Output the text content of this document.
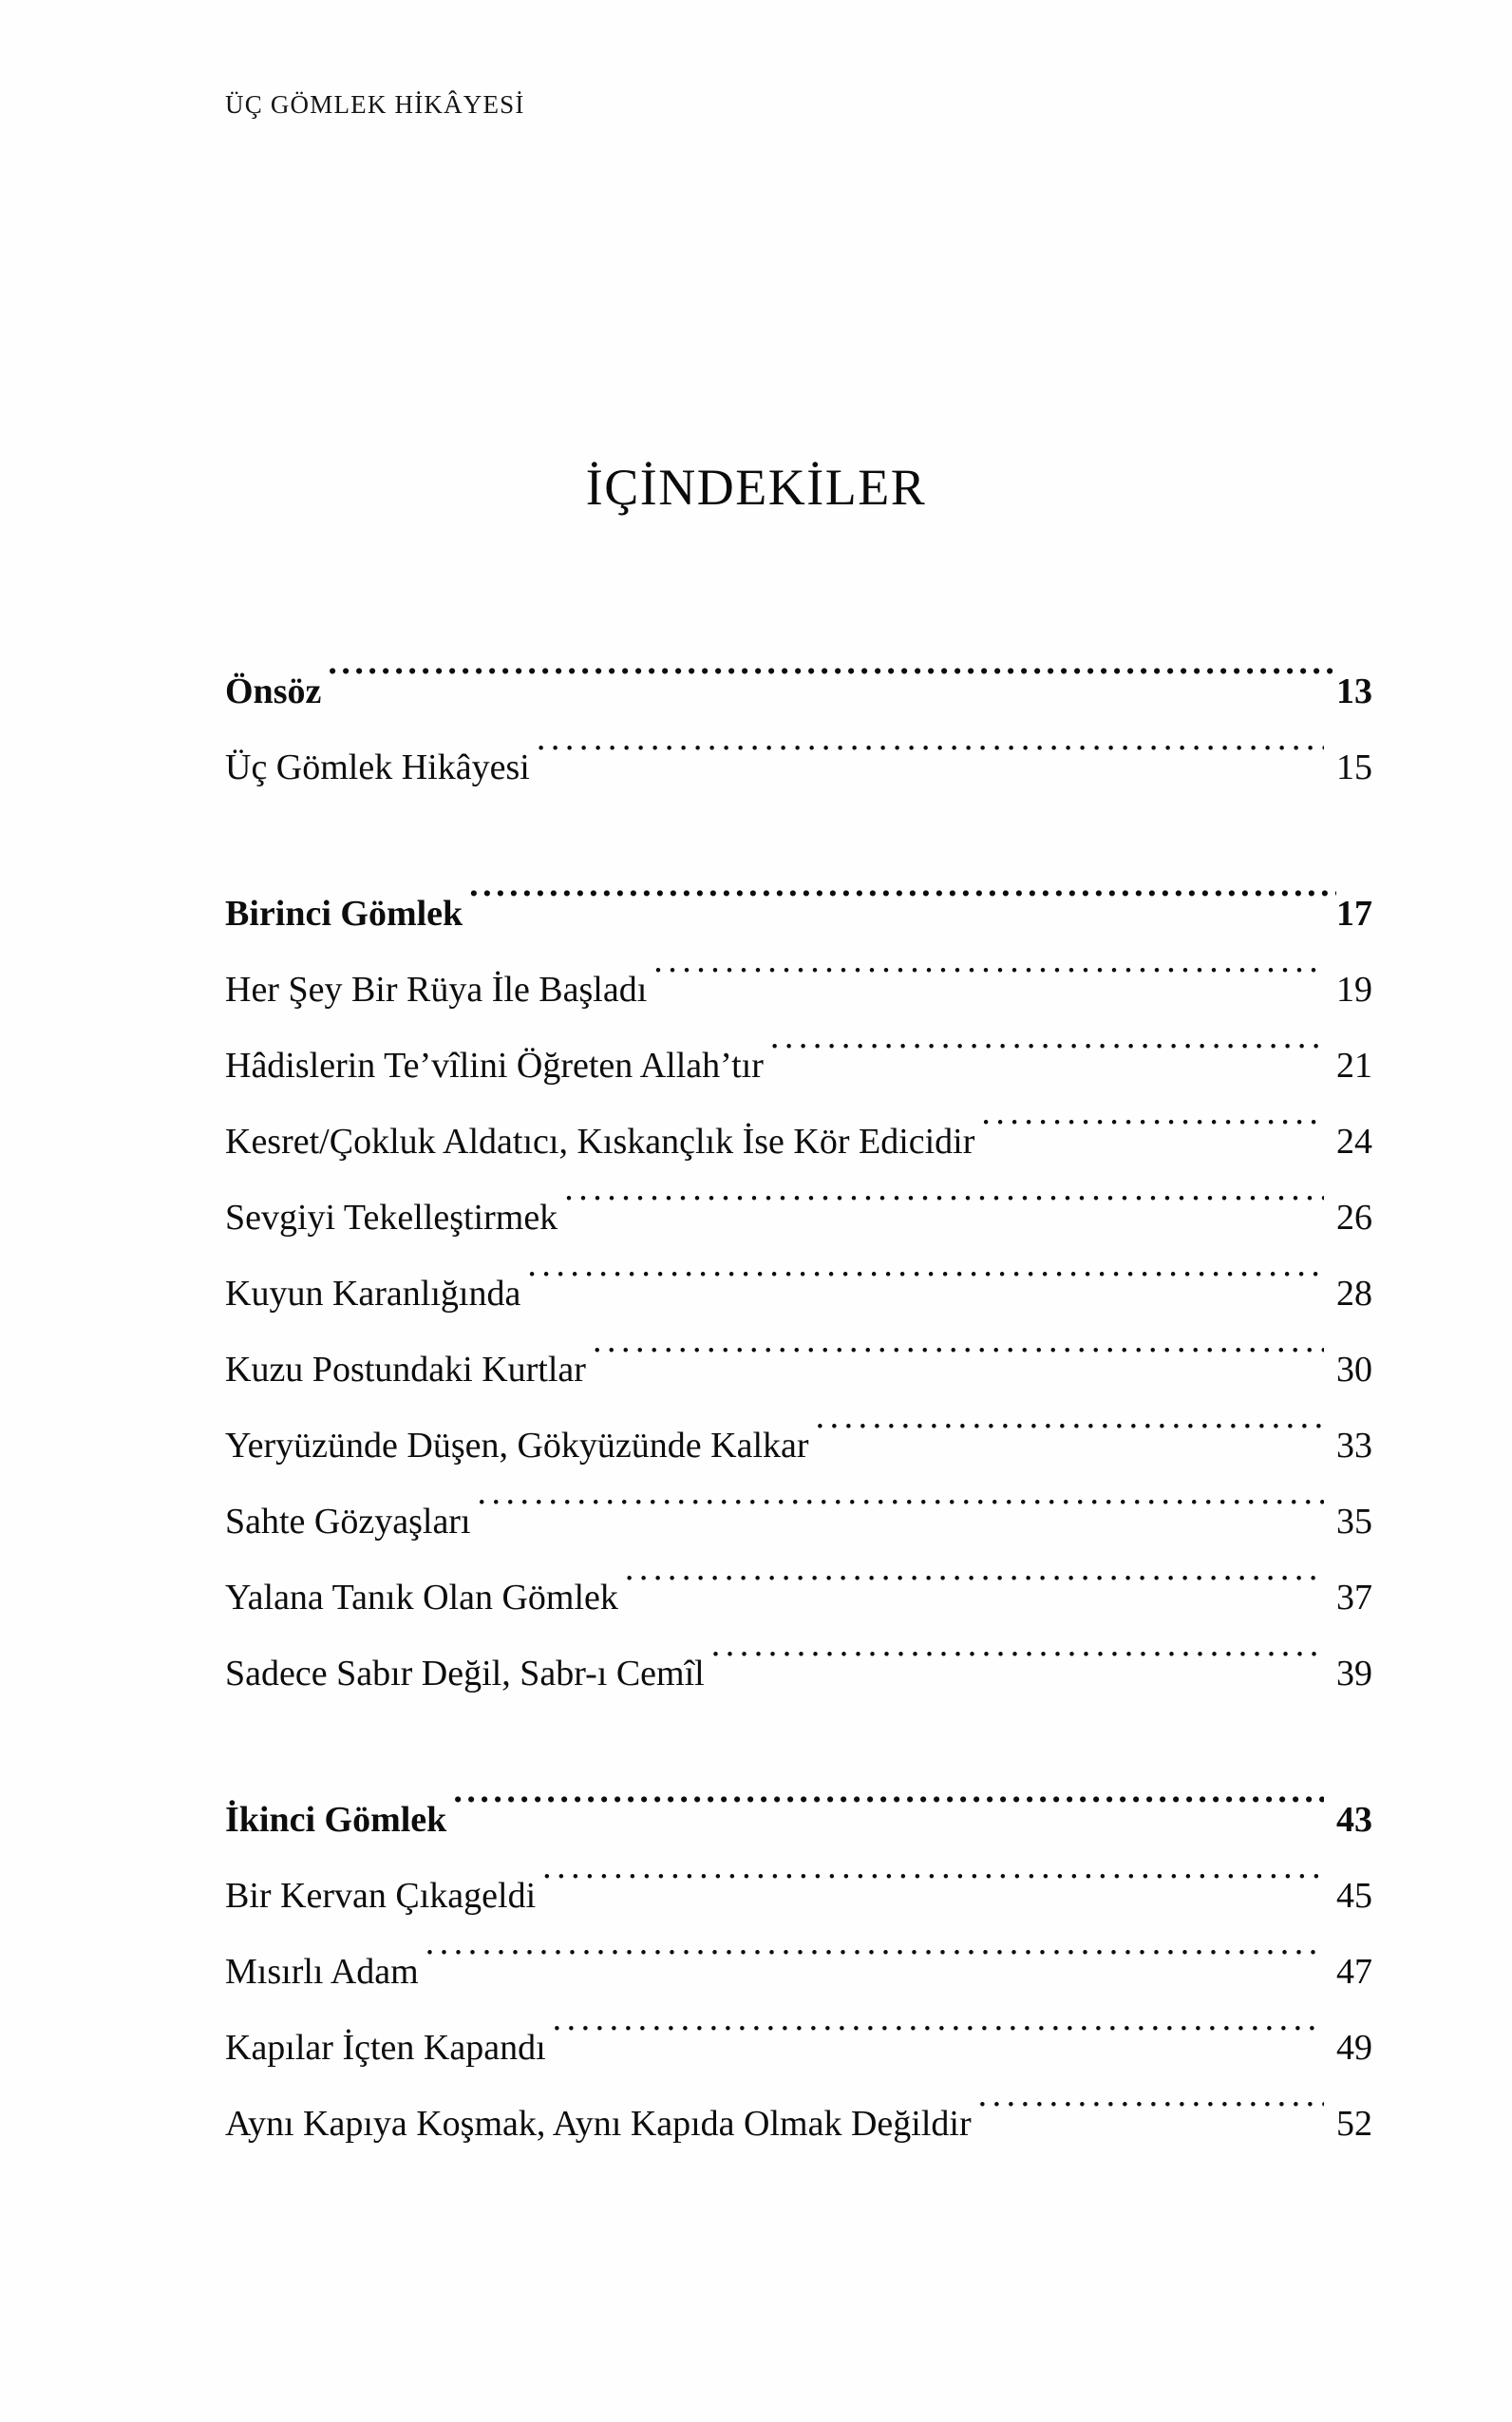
ÜÇ GÖMLEK HİKÂYESİ
İÇİNDEKİLER
Önsöz .....	13
Üç Gömlek Hikâyesi .....	15
Birinci Gömlek .....	17
Her Şey Bir Rüya İle Başladı .....	19
Hâdislerin Te’vîlini Öğreten Allah’tır .....	21
Kesret/Çokluk Aldatıcı, Kıskançlık İse Kör Edicidir .....	24
Sevgiyi Tekelleştirmek .....	26
Kuyun Karanlığında .....	28
Kuzu Postundaki Kurtlar .....	30
Yeryüzünde Düşen, Gökyüzünde Kalkar .....	33
Sahte Gözyaşları .....	35
Yalana Tanık Olan Gömlek .....	37
Sadece Sabır Değil, Sabr-ı Cemîl .....	39
İkinci Gömlek .....	43
Bir Kervan Çıkageldi .....	45
Mısırlı Adam .....	47
Kapılar İçten Kapandı .....	49
Aynı Kapıya Koşmak, Aynı Kapıda Olmak Değildir .....	52
